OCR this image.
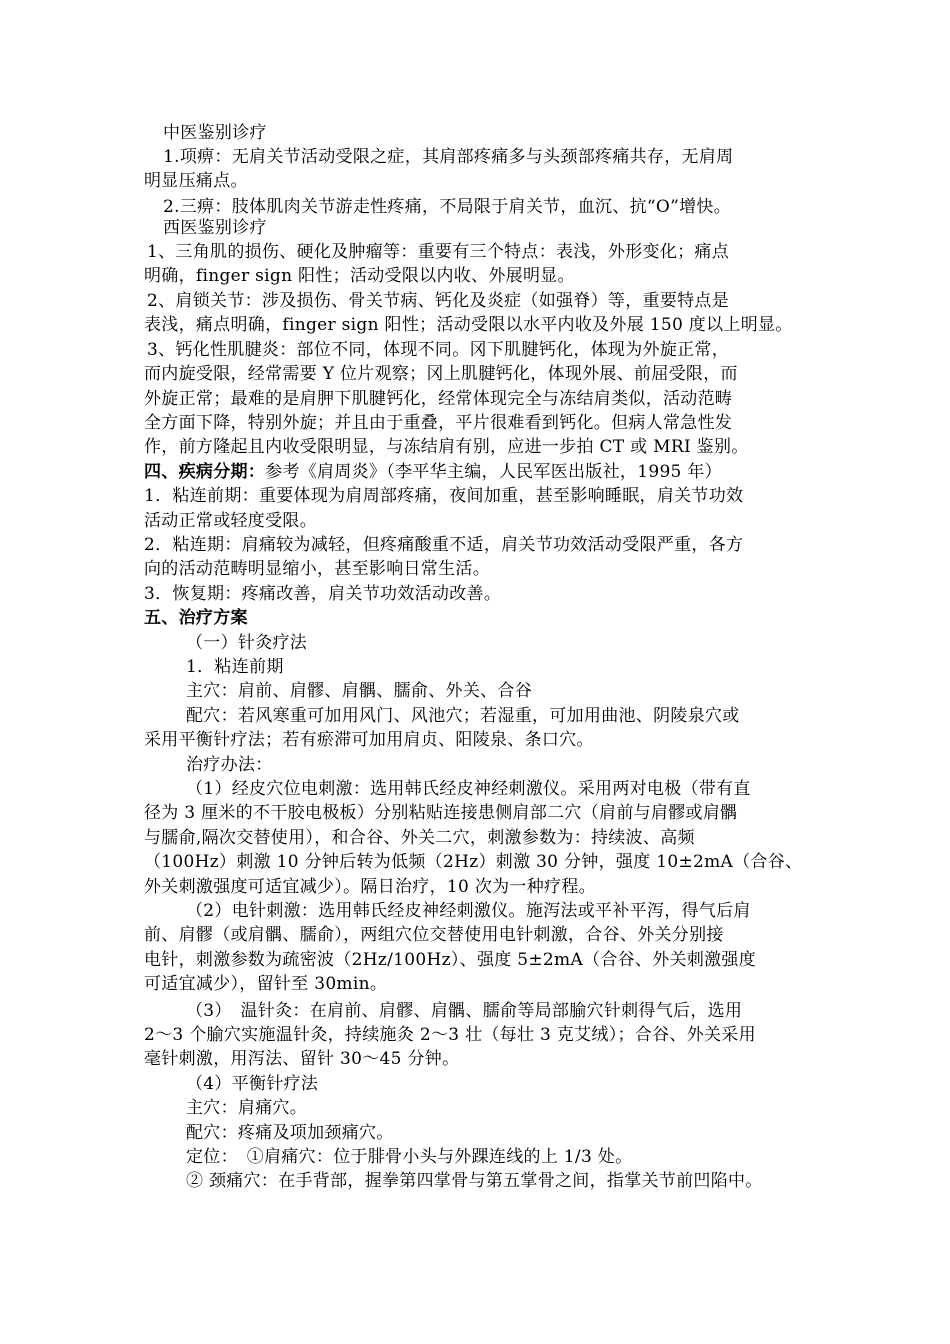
中医鉴别诊疗
1.项痹：无肩关节活动受限之症，其肩部疼痛多与头颈部疼痛共存，无肩周
明显压痛点。
2.三痹：肢体肌肉关节游走性疼痛，不局限于肩关节，血沉、抗“O”增快。
西医鉴别诊疗
1、三角肌的损伤、硬化及肿瘤等：重要有三个特点：表浅，外形变化；痛点
明确，finger sign 阳性；活动受限以内收、外展明显。
2、肩锁关节：涉及损伤、骨关节病、钙化及炎症（如强脊）等，重要特点是
表浅，痛点明确，finger sign 阳性；活动受限以水平内收及外展 150 度以上明显。
3、钙化性肌腱炎：部位不同，体现不同。冈下肌腱钙化，体现为外旋正常，
而内旋受限，经常需要 Y 位片观察；冈上肌腱钙化，体现外展、前屈受限，而
外旋正常；最难的是肩胛下肌腱钙化，经常体现完全与冻结肩类似，活动范畴
全方面下降，特别外旋；并且由于重叠，平片很难看到钙化。但病人常急性发
作，前方隆起且内收受限明显，与冻结肩有别，应进一步拍 CT 或 MRI 鉴别。
四、疾病分期：参考《肩周炎》（李平华主编，人民军医出版社，1995 年）
1．粘连前期：重要体现为肩周部疼痛，夜间加重，甚至影响睡眠，肩关节功效
活动正常或轻度受限。
2．粘连期：肩痛较为减轻，但疼痛酸重不适，肩关节功效活动受限严重，各方
向的活动范畴明显缩小，甚至影响日常生活。
3．恢复期：疼痛改善，肩关节功效活动改善。
五、治疗方案
（一）针灸疗法
1．粘连前期
主穴：肩前、肩髎、肩髃、臑俞、外关、合谷
配穴：若风寒重可加用风门、风池穴；若湿重，可加用曲池、阴陵泉穴或
采用平衡针疗法；若有瘀滞可加用肩贞、阳陵泉、条口穴。
治疗办法：
（1）经皮穴位电刺激：选用韩氏经皮神经刺激仪。采用两对电极（带有直
径为 3 厘米的不干胶电极板）分别粘贴连接患侧肩部二穴（肩前与肩髎或肩髃
与臑俞,隔次交替使用），和合谷、外关二穴，刺激参数为：持续波、高频
（100Hz）刺激 10 分钟后转为低频（2Hz）刺激 30 分钟，强度 10±2mA（合谷、
外关刺激强度可适宜减少）。隔日治疗，10 次为一种疗程。
（2）电针刺激：选用韩氏经皮神经刺激仪。施泻法或平补平泻，得气后肩
前、肩髎（或肩髃、臑俞），两组穴位交替使用电针刺激，合谷、外关分别接
电针，刺激参数为疏密波（2Hz/100Hz）、强度 5±2mA（合谷、外关刺激强度
可适宜减少），留针至 30min。
（3）　温针灸：在肩前、肩髎、肩髃、臑俞等局部腧穴针刺得气后，选用
2～3 个腧穴实施温针灸，持续施灸 2～3 壮（每壮 3 克艾绒）；合谷、外关采用
毫针刺激，用泻法、留针 30～45 分钟。
（4）平衡针疗法
主穴：肩痛穴。
配穴：疼痛及项加颈痛穴。
定位：　①肩痛穴：位于腓骨小头与外踝连线的上 1/3 处。
② 颈痛穴：在手背部，握拳第四掌骨与第五掌骨之间，指掌关节前凹陷中。
